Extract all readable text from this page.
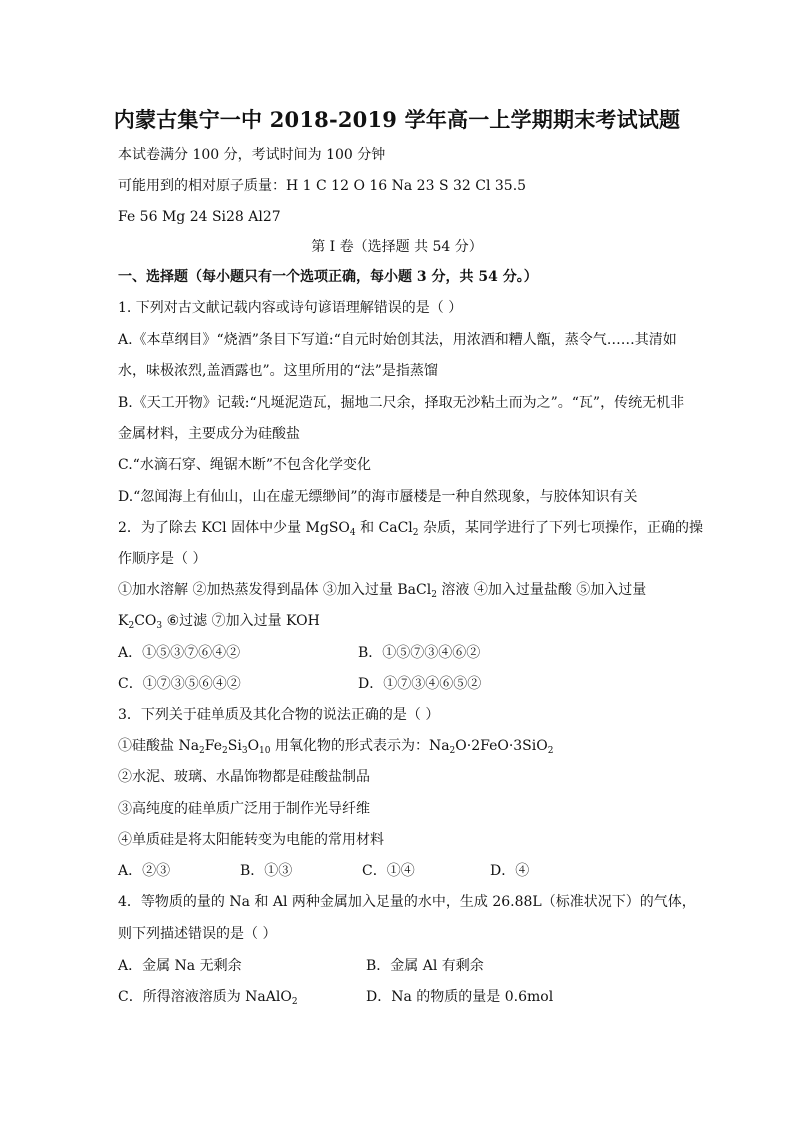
内蒙古集宁一中 2018-2019 学年高一上学期期末考试试题
本试卷满分 100 分，考试时间为 100 分钟
可能用到的相对原子质量：H 1 C 12 O 16 Na 23 S 32 Cl 35.5
Fe 56 Mg 24 Si28 Al27
第 I 卷（选择题 共 54 分）
一、选择题（每小题只有一个选项正确，每小题 3 分，共 54 分。）
1. 下列对古文献记载内容或诗句谚语理解错误的是（ ）
A.《本草纲目》“烧酒”条目下写道:“自元时始创其法，用浓酒和糟人甑，蒸令气……其清如
水，味极浓烈,盖酒露也”。这里所用的“法”是指蒸馏
B.《天工开物》记载:“凡埏泥造瓦，掘地二尺余，择取无沙粘土而为之”。“瓦”，传统无机非
金属材料，主要成分为硅酸盐
C.“水滴石穿、绳锯木断”不包含化学变化
D.“忽闻海上有仙山，山在虚无缥缈间”的海市蜃楼是一种自然现象，与胶体知识有关
2．为了除去 KCl 固体中少量 MgSO$_4$ 和 CaCl$_2$ 杂质，某同学进行了下列七项操作，正确的操
作顺序是（ ）
①加水溶解 ②加热蒸发得到晶体 ③加入过量 BaCl$_2$ 溶液 ④加入过量盐酸 ⑤加入过量
$K_2CO_3$ ⑥过滤 ⑦加入过量 KOH
A．①⑤③⑦⑥④②	B．①⑤⑦③④⑥②
C．①⑦③⑤⑥④②	D．①⑦③④⑥⑤②
3．下列关于硅单质及其化合物的说法正确的是（ ）
①硅酸盐 $Na_2Fe_2Si_3O_{10}$ 用氧化物的形式表示为：$Na_2O\cdot 2FeO\cdot 3SiO_2$
②水泥、玻璃、水晶饰物都是硅酸盐制品
③高纯度的硅单质广泛用于制作光导纤维
④单质硅是将太阳能转变为电能的常用材料
A．②③	B．①③	C．①④	D．④
4．等物质的量的 Na 和 Al 两种金属加入足量的水中，生成 26.88L（标准状况下）的气体，
则下列描述错误的是（ ）
A．金属 Na 无剩余	B．金属 Al 有剩余
C．所得溶液溶质为 NaAlO$_2$	D．Na 的物质的量是 0.6mol
